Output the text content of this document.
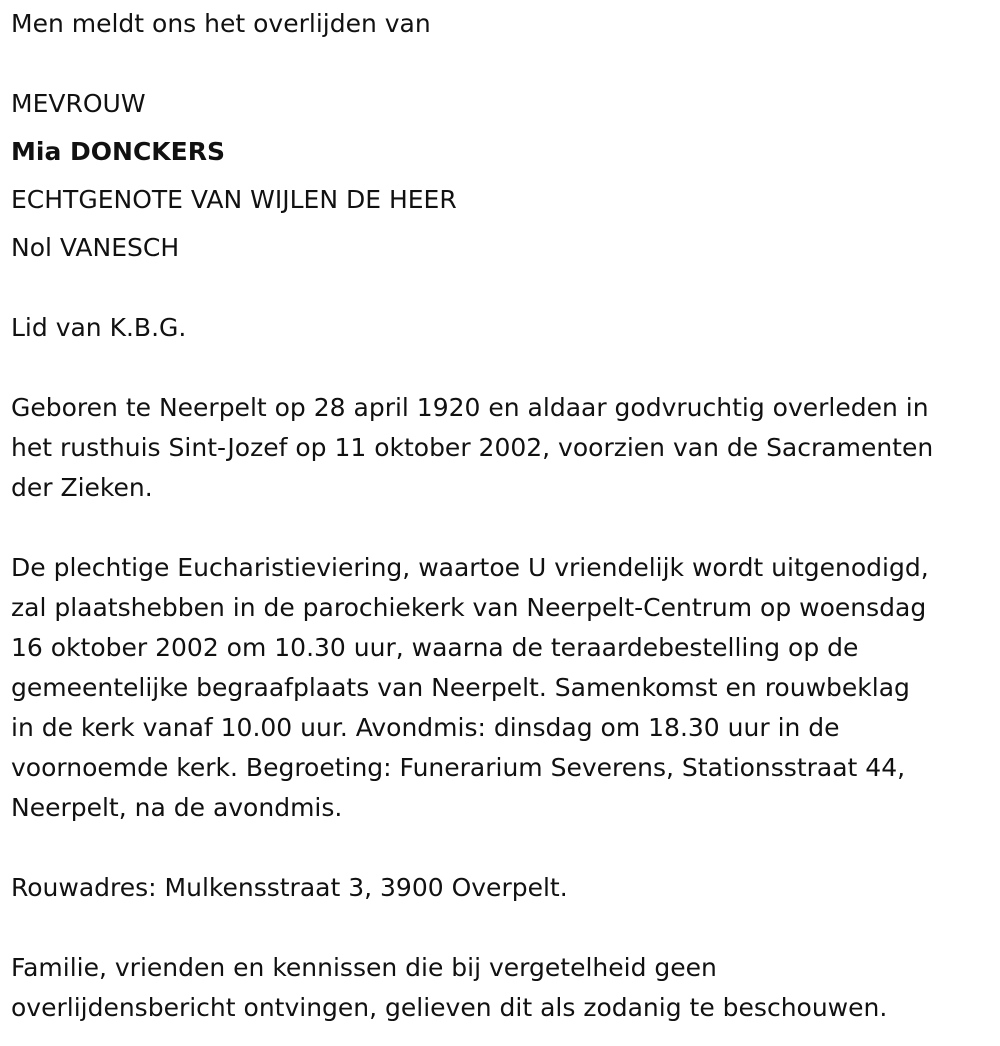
Men meldt ons het overlijden van

MEVROUW

Mia DONCKERS

ECHTGENOTE VAN WIJLEN DE HEER

Nol VANESCH

Lid van K.B.G.

Geboren te Neerpelt op 28 april 1920 en aldaar godvruchtig overleden in
het rusthuis Sint-Jozef op 11 oktober 2002, voorzien van de Sacramenten
der Zieken.
De plechtige Eucharistieviering, waartoe U vriendelijk wordt uitgenodigd,
zal plaatshebben in de parochiekerk van Neerpelt-Centrum op woensdag
16 oktober 2002 om 10.30 uur, waarna de teraardebestelling op de
gemeentelijke begraafplaats van Neerpelt. Samenkomst en rouwbeklag
in de kerk vanaf 10.00 uur. Avondmis: dinsdag om 18.30 uur in de
voornoemde kerk. Begroeting: Funerarium Severens, Stationsstraat 44,
Neerpelt, na de avondmis.

Rouwadres: Mulkensstraat 3, 3900 Overpelt.

Familie, vrienden en kennissen die bij vergetelheid geen
overlijdensbericht ontvingen, gelieven dit als zodanig te beschouwen.
